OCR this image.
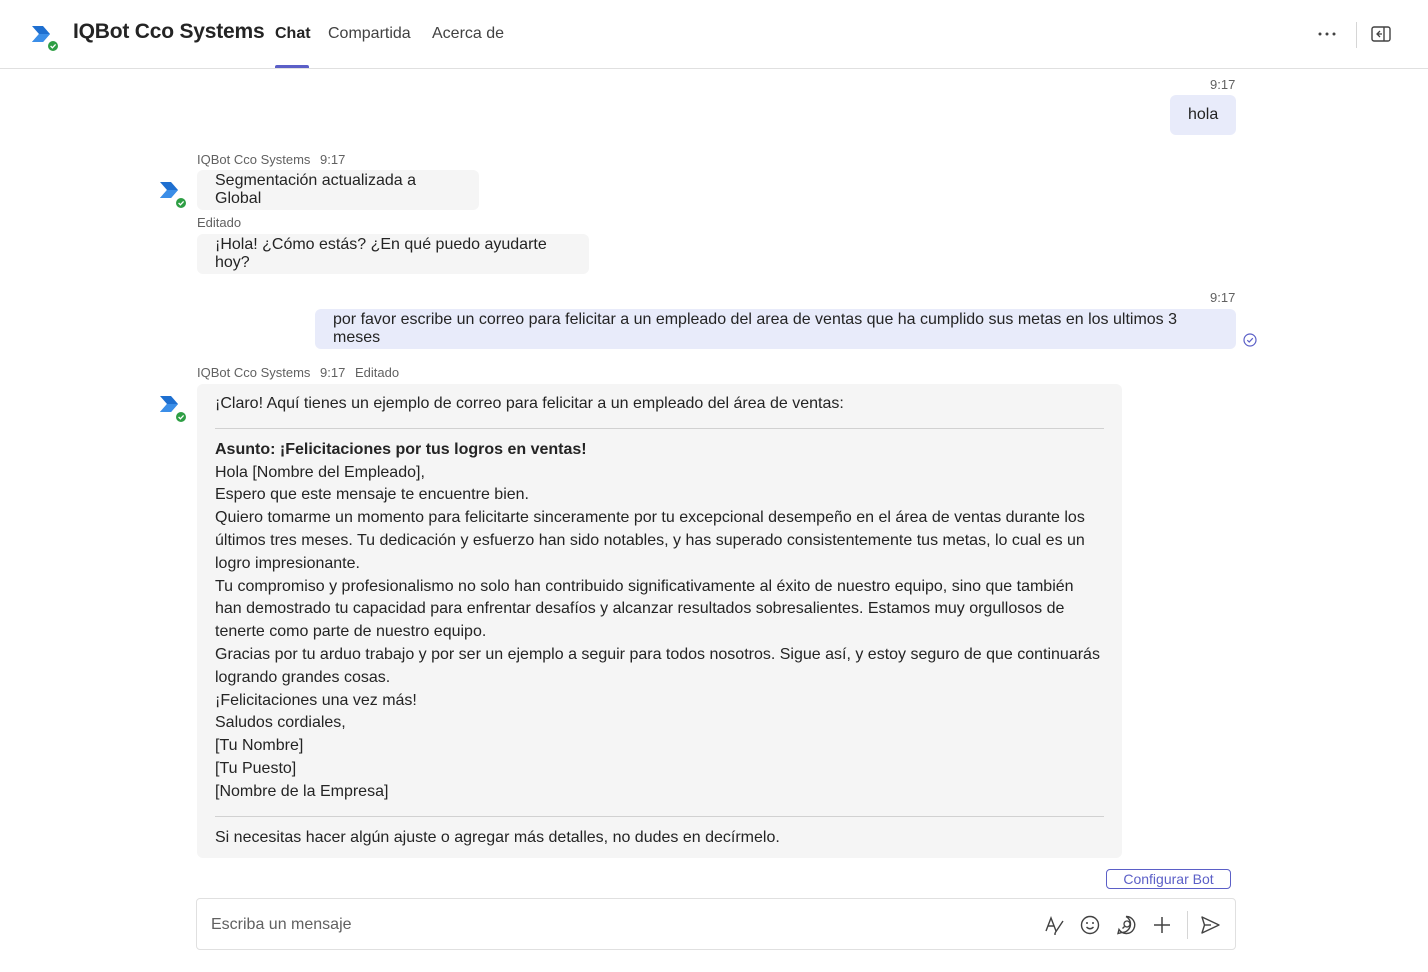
IQBot Cco Systems Chat Compartida Acerca de
9:17
hola
IQBot Cco Systems 9:17
Segmentación actualizada a Global
Editado
¡Hola! ¿Cómo estás? ¿En qué puedo ayudarte hoy?
9:17
por favor escribe un correo para felicitar a un empleado del area de ventas que ha cumplido sus metas en los ultimos 3 meses
IQBot Cco Systems 9:17 Editado

¡Claro! Aquí tienes un ejemplo de correo para felicitar a un empleado del área de ventas:

Asunto: ¡Felicitaciones por tus logros en ventas!

Hola [Nombre del Empleado],

Espero que este mensaje te encuentre bien.

Quiero tomarme un momento para felicitarte sinceramente por tu excepcional desempeño en el área de ventas durante los últimos tres meses. Tu dedicación y esfuerzo han sido notables, y has superado consistentemente tus metas, lo cual es un logro impresionante.

Tu compromiso y profesionalismo no solo han contribuido significativamente al éxito de nuestro equipo, sino que también han demostrado tu capacidad para enfrentar desafíos y alcanzar resultados sobresalientes. Estamos muy orgullosos de tenerte como parte de nuestro equipo.

Gracias por tu arduo trabajo y por ser un ejemplo a seguir para todos nosotros. Sigue así, y estoy seguro de que continuarás logrando grandes cosas.

¡Felicitaciones una vez más!

Saludos cordiales,

[Tu Nombre]

[Tu Puesto]

[Nombre de la Empresa]

Si necesitas hacer algún ajuste o agregar más detalles, no dudes en decírmelo.

Configurar Bot
Escriba un mensaje
